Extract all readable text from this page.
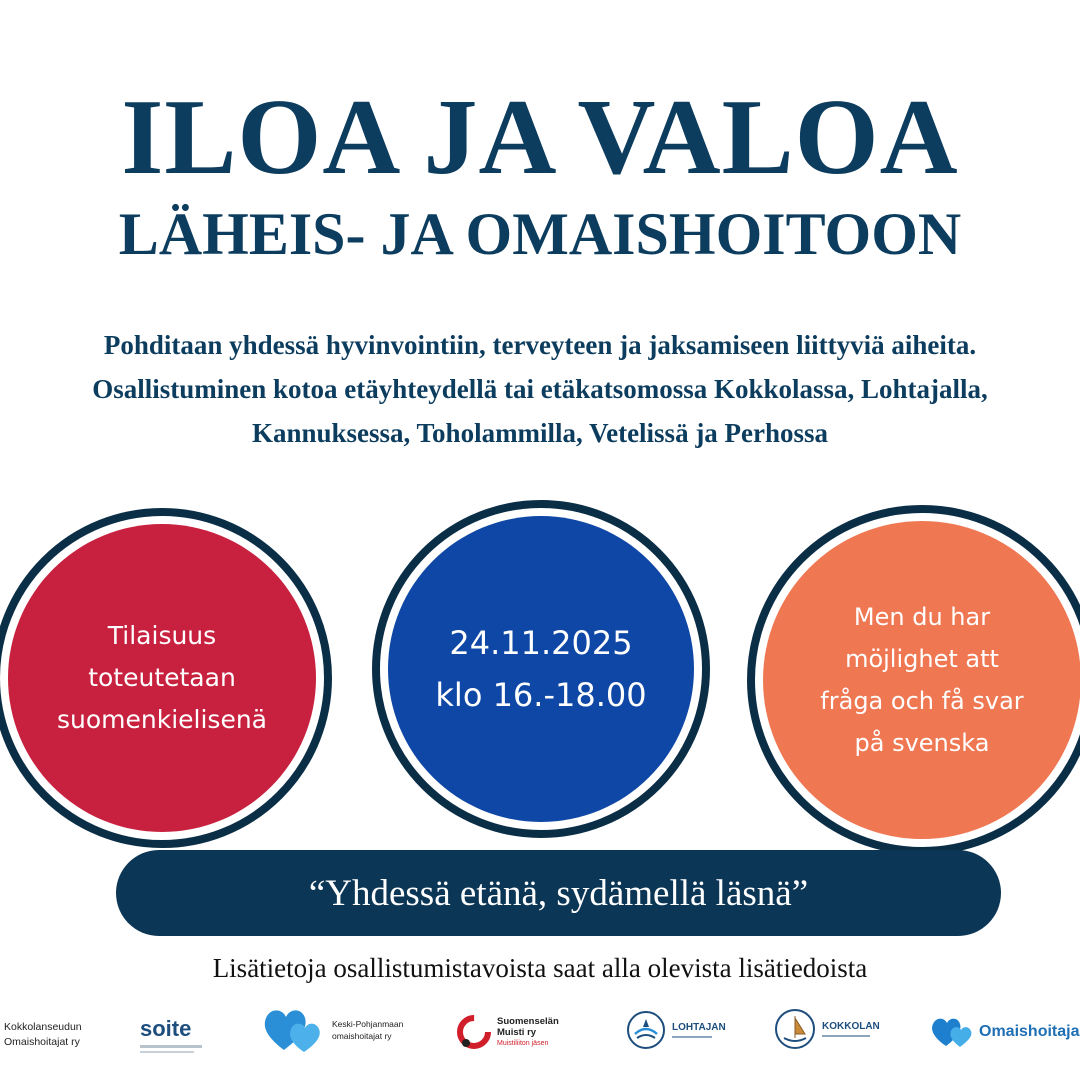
ILOA JA VALOA
LÄHEIS- JA OMAISHOITOON
Pohditaan yhdessä hyvinvointiin, terveyteen ja jaksamiseen liittyviä aiheita.
Osallistuminen kotoa etäyhteydellä tai etäkatsomossa Kokkolassa, Lohtajalla,
Kannuksessa, Toholammilla, Vetelissä ja Perhossa
Tilaisuus
toteutetaan
suomenkielisenä
24.11.2025
klo 16.-18.00
Men du har
möjlighet att
fråga och få svar
på svenska
“Yhdessä etänä, sydämellä läsnä”
Lisätietoja osallistumistavoista saat alla olevista lisätiedoista
Kokkolanseudun
Omaishoitajat ry
soite	Keski-Pohjanmaan
omaishoitajat ry
Suomenselän
Muisti ry
Muistiliiton jäsen
LOHTAJAN	KOKKOLAN	Omaishoitaja
